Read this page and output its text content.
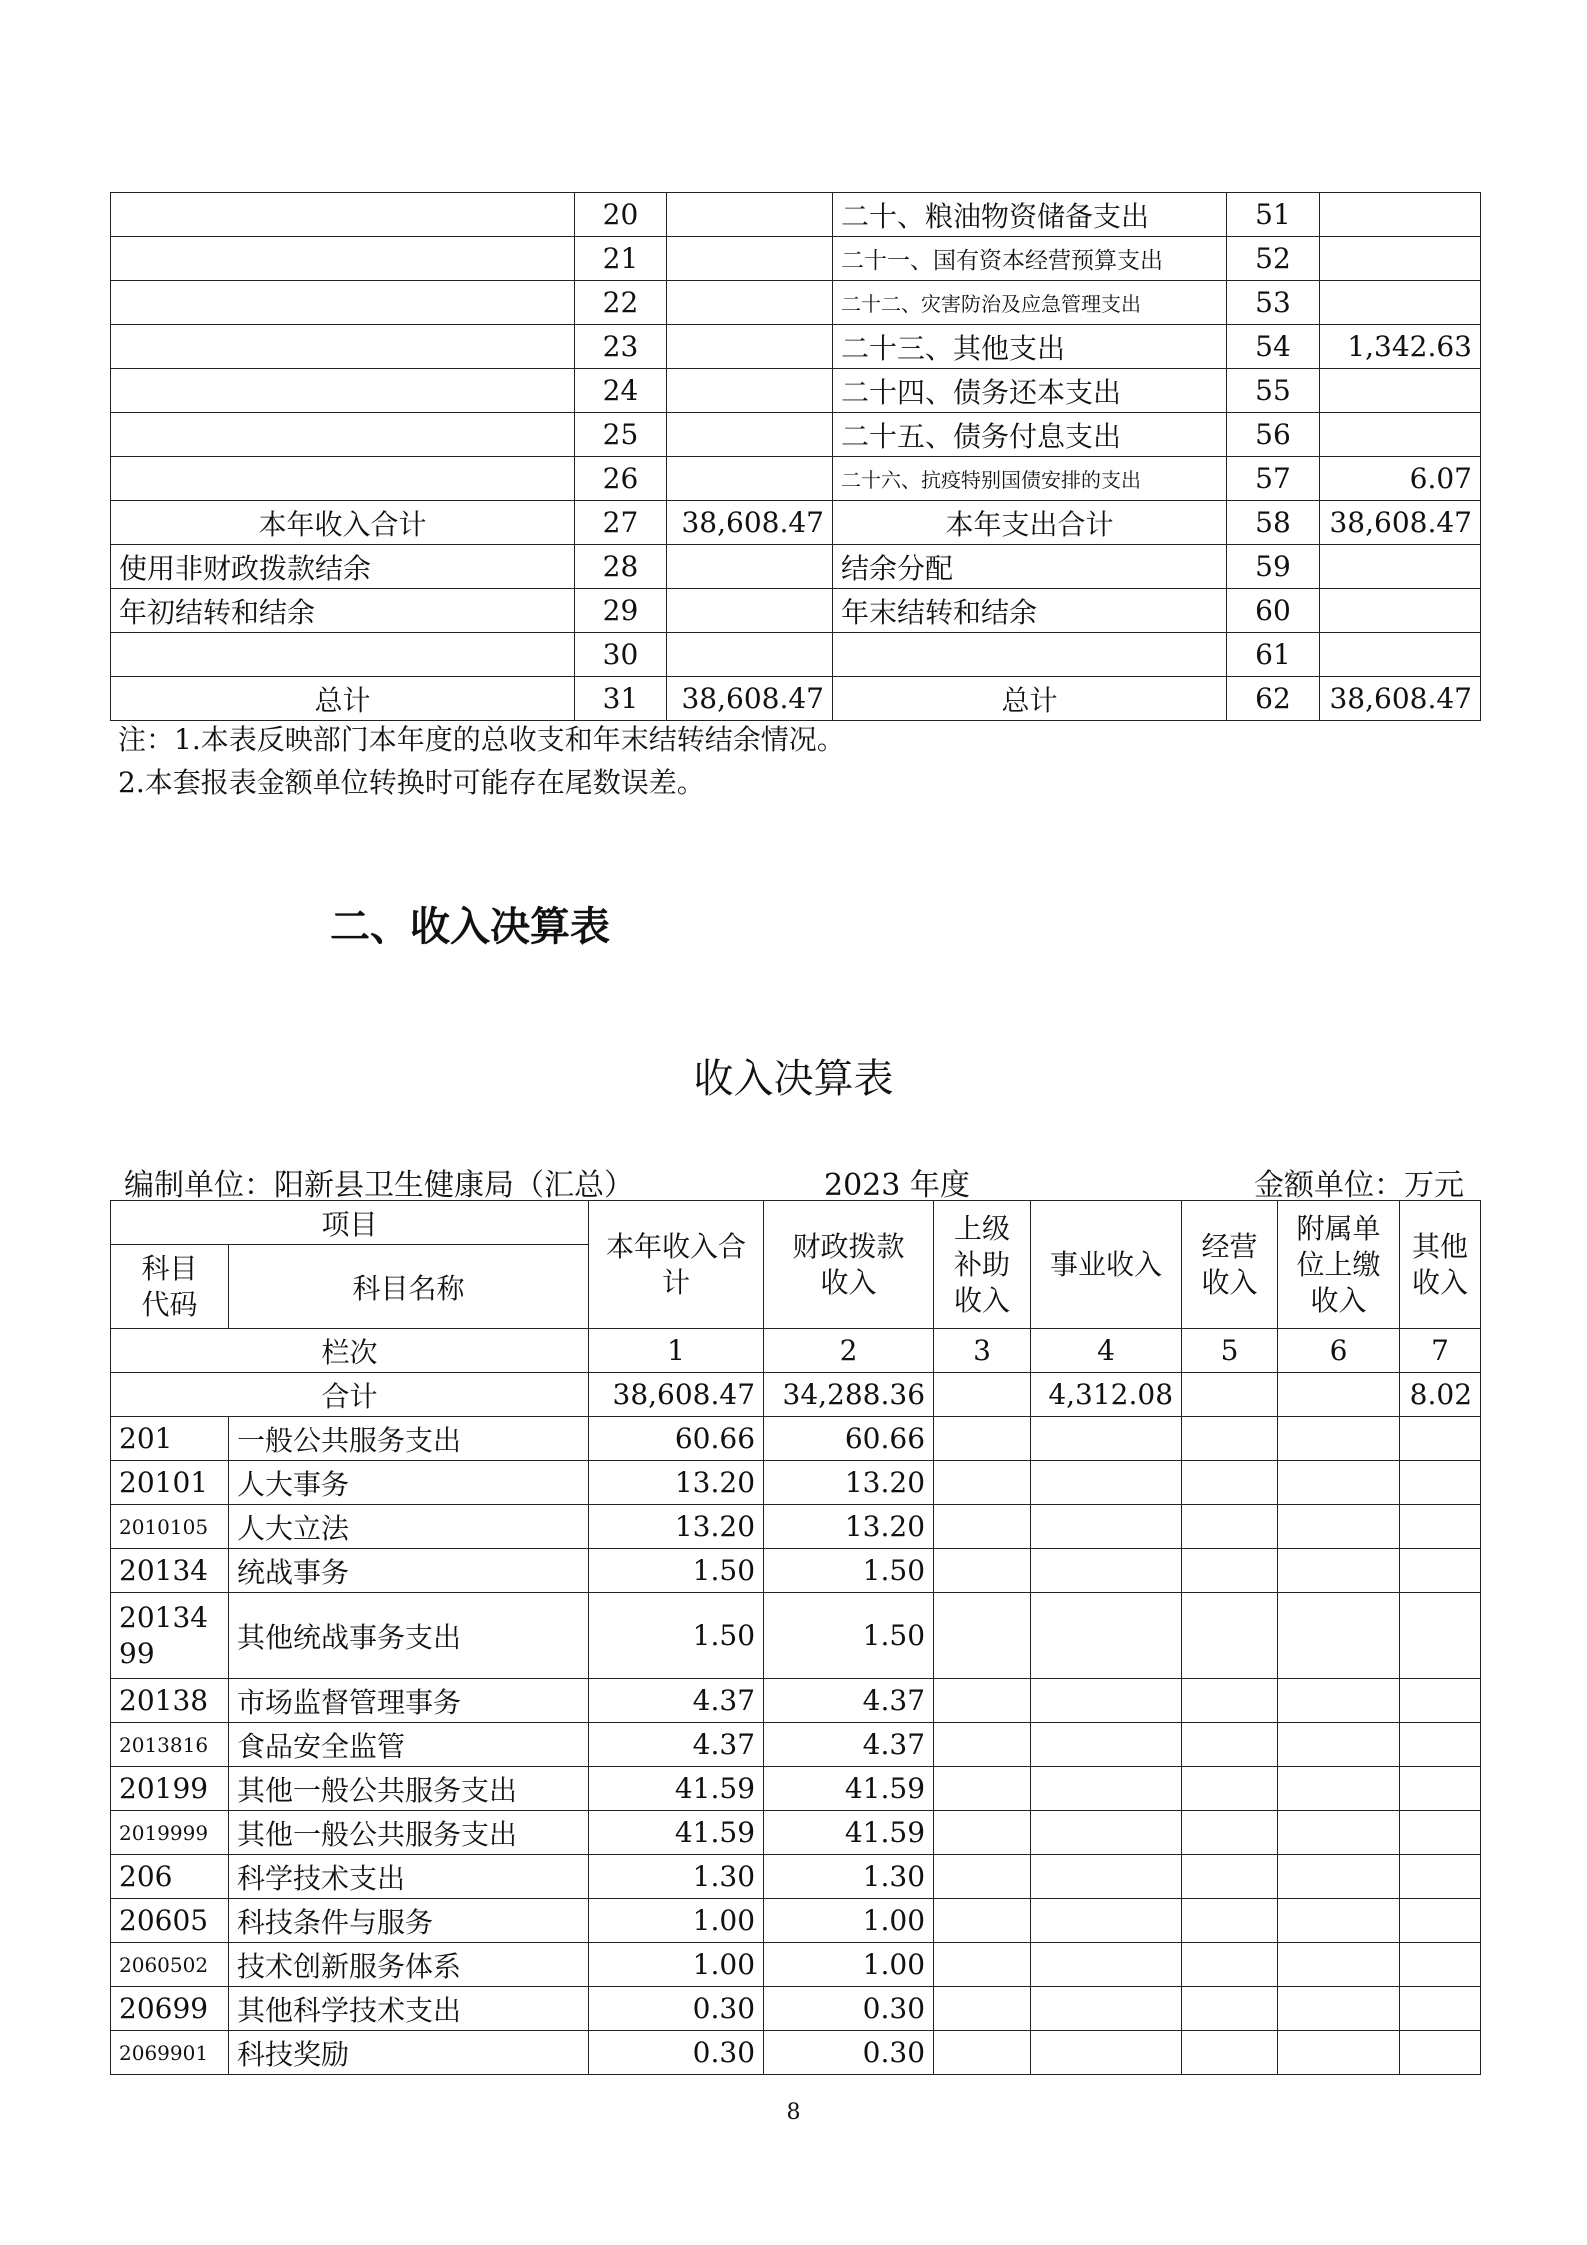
	20		二十、粮油物资储备支出	51	
	21		二十一、国有资本经营预算支出	52	
	22		二十二、灾害防治及应急管理支出	53	
	23		二十三、其他支出	54	1,342.63
	24		二十四、债务还本支出	55	
	25		二十五、债务付息支出	56	
	26		二十六、抗疫特别国债安排的支出	57	6.07
本年收入合计	27	38,608.47	本年支出合计	58	38,608.47
使用非财政拨款结余	28		结余分配	59	
年初结转和结余	29		年末结转和结余	60	
	30			61	
总计	31	38,608.47	总计	62	38,608.47
注：1.本表反映部门本年度的总收支和年末结转结余情况。
2.本套报表金额单位转换时可能存在尾数误差。
二、收入决算表
收入决算表
编制单位：阳新县卫生健康局（汇总）	2023 年度	金额单位：万元
项目		本年收入合计	财政拨款收入	上级补助收入	事业收入	经营收入	附属单位上缴收入	其他收入

科目代码	科目名称							
栏次		1	2	3	4	5	6	7
合计		38,608.47	34,288.36		4,312.08			8.02
201	一般公共服务支出	60.66	60.66					
20101	人大事务	13.20	13.20					
2010105	人大立法	13.20	13.20					
20134	统战事务	1.50	1.50					
2013499	其他统战事务支出	1.50	1.50					
20138	市场监督管理事务	4.37	4.37					
2013816	食品安全监管	4.37	4.37					
20199	其他一般公共服务支出	41.59	41.59					
2019999	其他一般公共服务支出	41.59	41.59					
206	科学技术支出	1.30	1.30					
20605	科技条件与服务	1.00	1.00					
2060502	技术创新服务体系	1.00	1.00					
20699	其他科学技术支出	0.30	0.30					
2069901	科技奖励	0.30	0.30					
8
